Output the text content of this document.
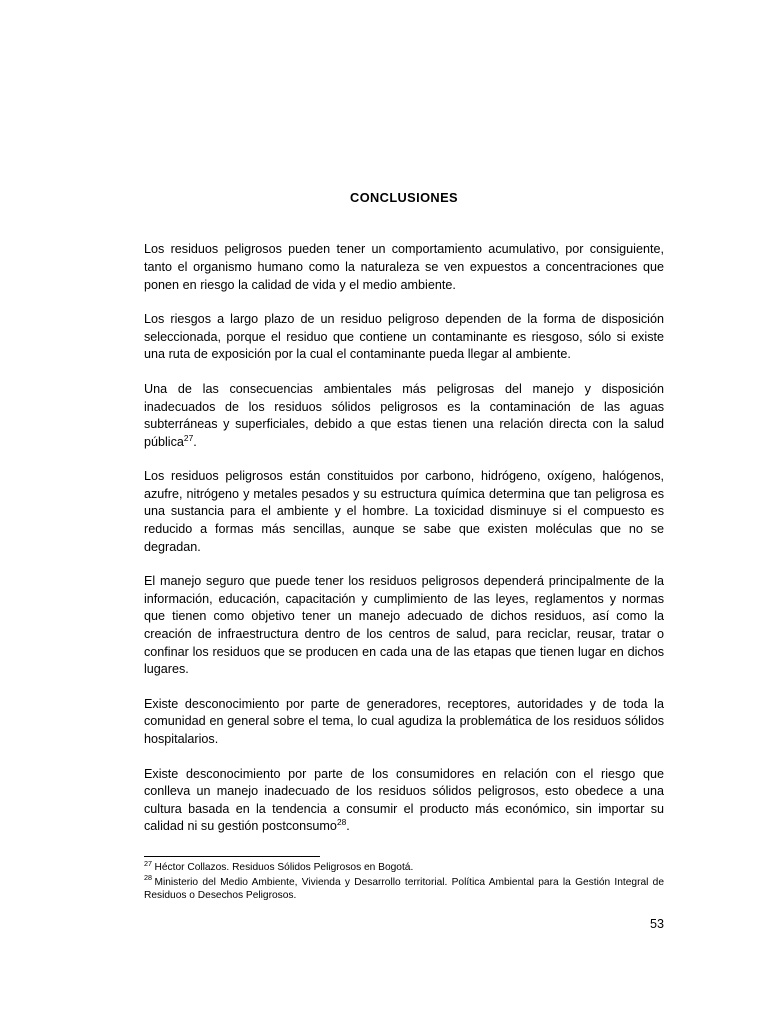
CONCLUSIONES

Los residuos peligrosos pueden tener un comportamiento acumulativo, por consiguiente, tanto el organismo humano como la naturaleza se ven expuestos a concentraciones que ponen en riesgo la calidad de vida y el medio ambiente.

Los riesgos a largo plazo de un residuo peligroso dependen de la forma de disposición seleccionada, porque el residuo que contiene un contaminante es riesgoso, sólo si existe una ruta de exposición por la cual el contaminante pueda llegar al ambiente.

Una de las consecuencias ambientales más peligrosas del manejo y disposición inadecuados de los residuos sólidos peligrosos es la contaminación de las aguas subterráneas y superficiales, debido a que estas tienen una relación directa con la salud pública$^{27}$.

Los residuos peligrosos están constituidos por carbono, hidrógeno, oxígeno, halógenos, azufre, nitrógeno y metales pesados y su estructura química determina que tan peligrosa es una sustancia para el ambiente y el hombre. La toxicidad disminuye si el compuesto es reducido a formas más sencillas, aunque se sabe que existen moléculas que no se degradan.

El manejo seguro que puede tener los residuos peligrosos dependerá principalmente de la información, educación, capacitación y cumplimiento de las leyes, reglamentos y normas que tienen como objetivo tener un manejo adecuado de dichos residuos, así como la creación de infraestructura dentro de los centros de salud, para reciclar, reusar, tratar o confinar los residuos que se producen en cada una de las etapas que tienen lugar en dichos lugares.

Existe desconocimiento por parte de generadores, receptores, autoridades y de toda la comunidad en general sobre el tema, lo cual agudiza la problemática de los residuos sólidos hospitalarios.

Existe desconocimiento por parte de los consumidores en relación con el riesgo que conlleva un manejo inadecuado de los residuos sólidos peligrosos, esto obedece a una cultura basada en la tendencia a consumir el producto más económico, sin importar su calidad ni su gestión postconsumo$^{28}$.

$^{27}$ Héctor Collazos. Residuos Sólidos Peligrosos en Bogotá.

$^{28}$ Ministerio del Medio Ambiente, Vivienda y Desarrollo territorial. Política Ambiental para la Gestión Integral de Residuos o Desechos Peligrosos.

53
